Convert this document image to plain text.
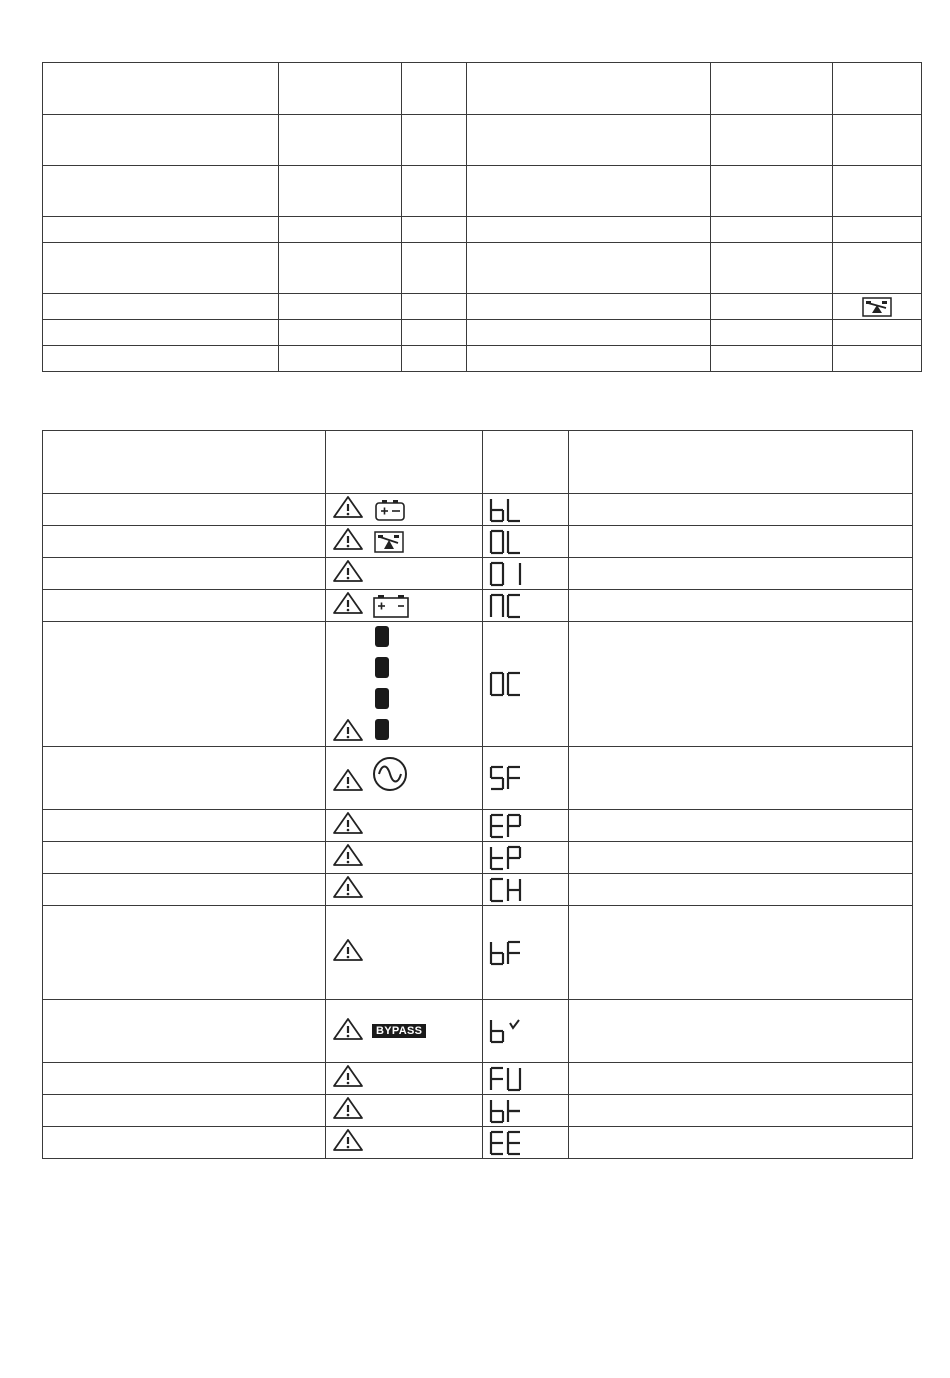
	BYPASS	
